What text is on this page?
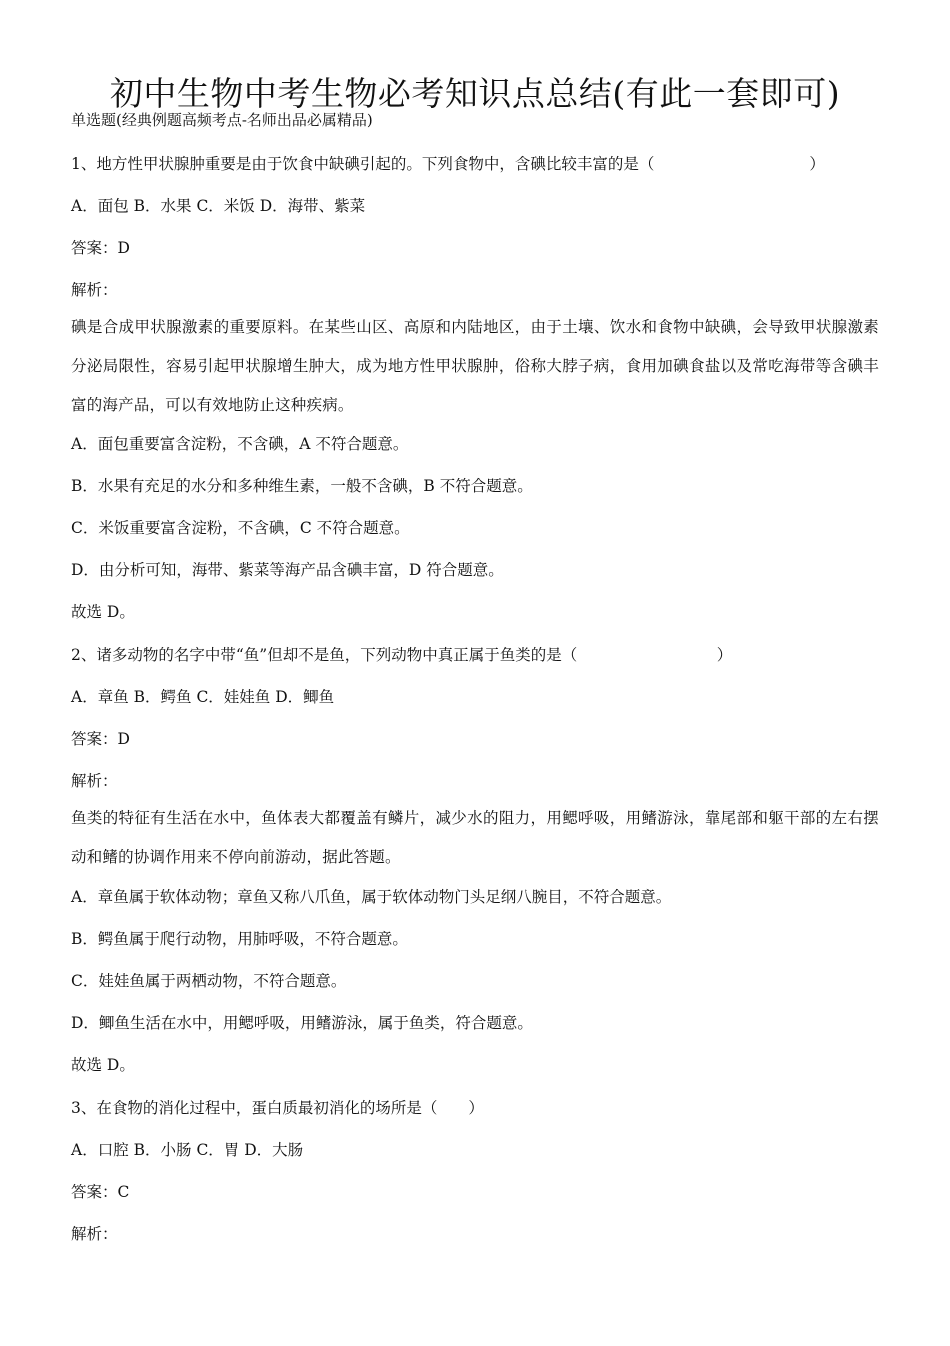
初中生物中考生物必考知识点总结(有此一套即可)
单选题(经典例题高频考点-名师出品必属精品)
1、地方性甲状腺肿重要是由于饮食中缺碘引起的。下列食物中，含碘比较丰富的是（　　　　　　　　　　）
A．面包 B．水果 C．米饭 D．海带、紫菜
答案：D
解析：
碘是合成甲状腺激素的重要原料。在某些山区、高原和内陆地区，由于土壤、饮水和食物中缺碘，会导致甲状腺激素分泌局限性，容易引起甲状腺增生肿大，成为地方性甲状腺肿，俗称大脖子病，食用加碘食盐以及常吃海带等含碘丰富的海产品，可以有效地防止这种疾病。
A．面包重要富含淀粉，不含碘，A 不符合题意。
B．水果有充足的水分和多种维生素，一般不含碘，B 不符合题意。
C．米饭重要富含淀粉，不含碘，C 不符合题意。
D．由分析可知，海带、紫菜等海产品含碘丰富，D 符合题意。
故选 D。
2、诸多动物的名字中带“鱼”但却不是鱼，下列动物中真正属于鱼类的是（　　　　　　　　　）
A．章鱼 B．鳄鱼 C．娃娃鱼 D．鲫鱼
答案：D
解析：
鱼类的特征有生活在水中，鱼体表大都覆盖有鳞片，减少水的阻力，用鳃呼吸，用鳍游泳，靠尾部和躯干部的左右摆动和鳍的协调作用来不停向前游动，据此答题。
A．章鱼属于软体动物；章鱼又称八爪鱼，属于软体动物门头足纲八腕目，不符合题意。
B．鳄鱼属于爬行动物，用肺呼吸，不符合题意。
C．娃娃鱼属于两栖动物，不符合题意。
D．鲫鱼生活在水中，用鳃呼吸，用鳍游泳，属于鱼类，符合题意。
故选 D。
3、在食物的消化过程中，蛋白质最初消化的场所是（　　）
A．口腔 B．小肠 C．胃 D．大肠
答案：C
解析：
